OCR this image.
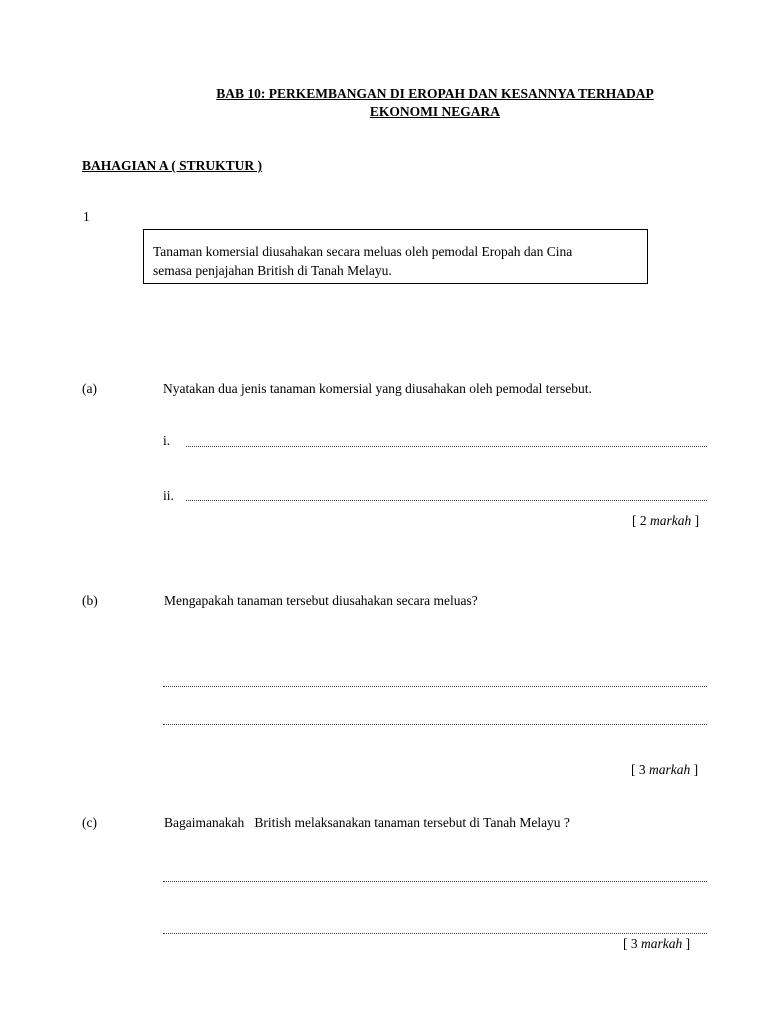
BAB 10: PERKEMBANGAN DI EROPAH DAN KESANNYA TERHADAP
EKONOMI NEGARA
BAHAGIAN A ( STRUKTUR )
1
Tanaman komersial diusahakan secara meluas oleh pemodal Eropah dan Cina
semasa penjajahan British di Tanah Melayu.
(a)	Nyatakan dua jenis tanaman komersial yang diusahakan oleh pemodal tersebut.
i.
ii.
[ 2 markah ]
(b)	Mengapakah tanaman tersebut diusahakan secara meluas?
[ 3 markah ]
(c)	Bagaimanakah   British melaksanakan tanaman tersebut di Tanah Melayu ?
[ 3 markah ]
